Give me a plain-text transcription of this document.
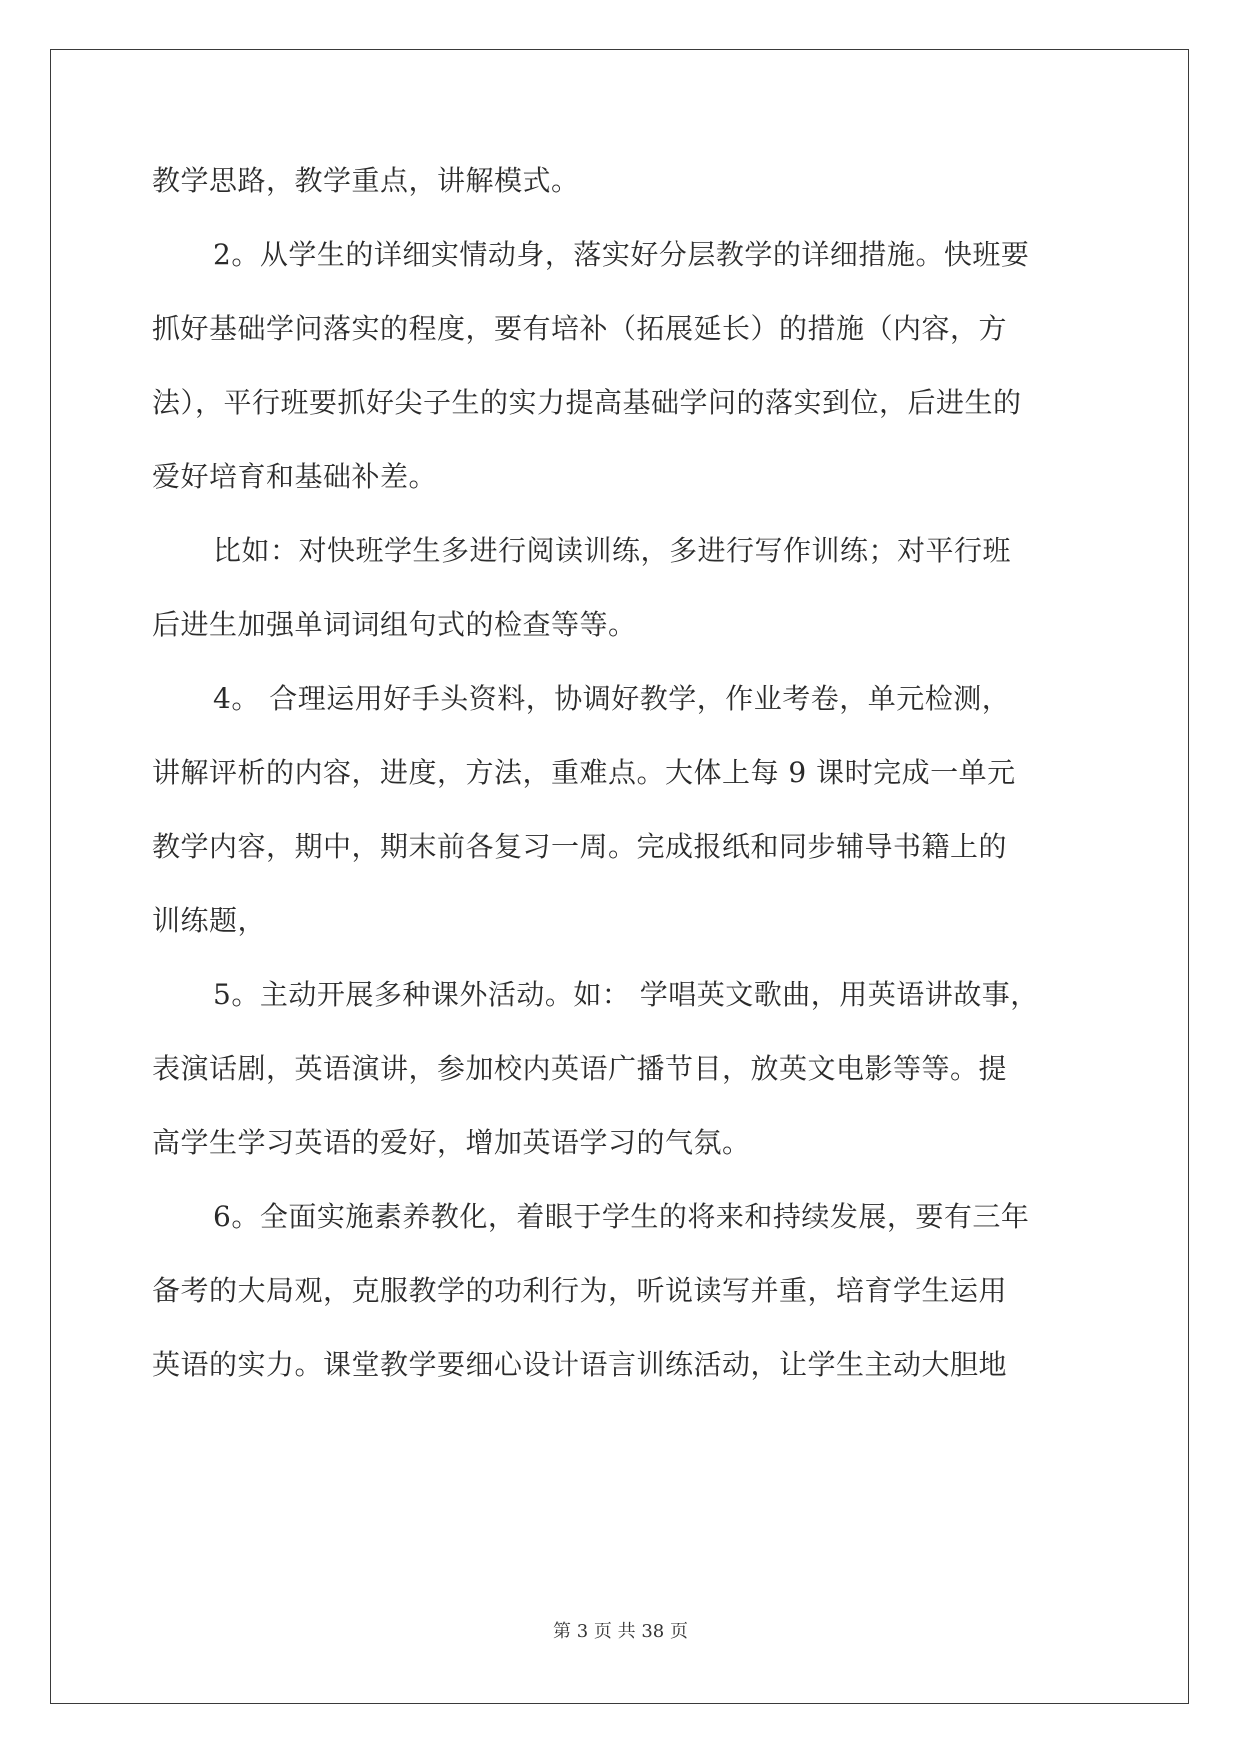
教学思路，教学重点，讲解模式。
2。从学生的详细实情动身，落实好分层教学的详细措施。快班要
抓好基础学问落实的程度，要有培补（拓展延长）的措施（内容，方
法），平行班要抓好尖子生的实力提高基础学问的落实到位，后进生的
爱好培育和基础补差。
比如：对快班学生多进行阅读训练，多进行写作训练；对平行班
后进生加强单词词组句式的检查等等。
4。 合理运用好手头资料，协调好教学，作业考卷，单元检测，
讲解评析的内容，进度，方法，重难点。大体上每 9 课时完成一单元
教学内容，期中，期末前各复习一周。完成报纸和同步辅导书籍上的
训练题，
5。主动开展多种课外活动。如： 学唱英文歌曲，用英语讲故事，
表演话剧，英语演讲，参加校内英语广播节目，放英文电影等等。提
高学生学习英语的爱好，增加英语学习的气氛。
6。全面实施素养教化，着眼于学生的将来和持续发展，要有三年
备考的大局观，克服教学的功利行为，听说读写并重，培育学生运用
英语的实力。课堂教学要细心设计语言训练活动，让学生主动大胆地
第 3 页 共 38 页
